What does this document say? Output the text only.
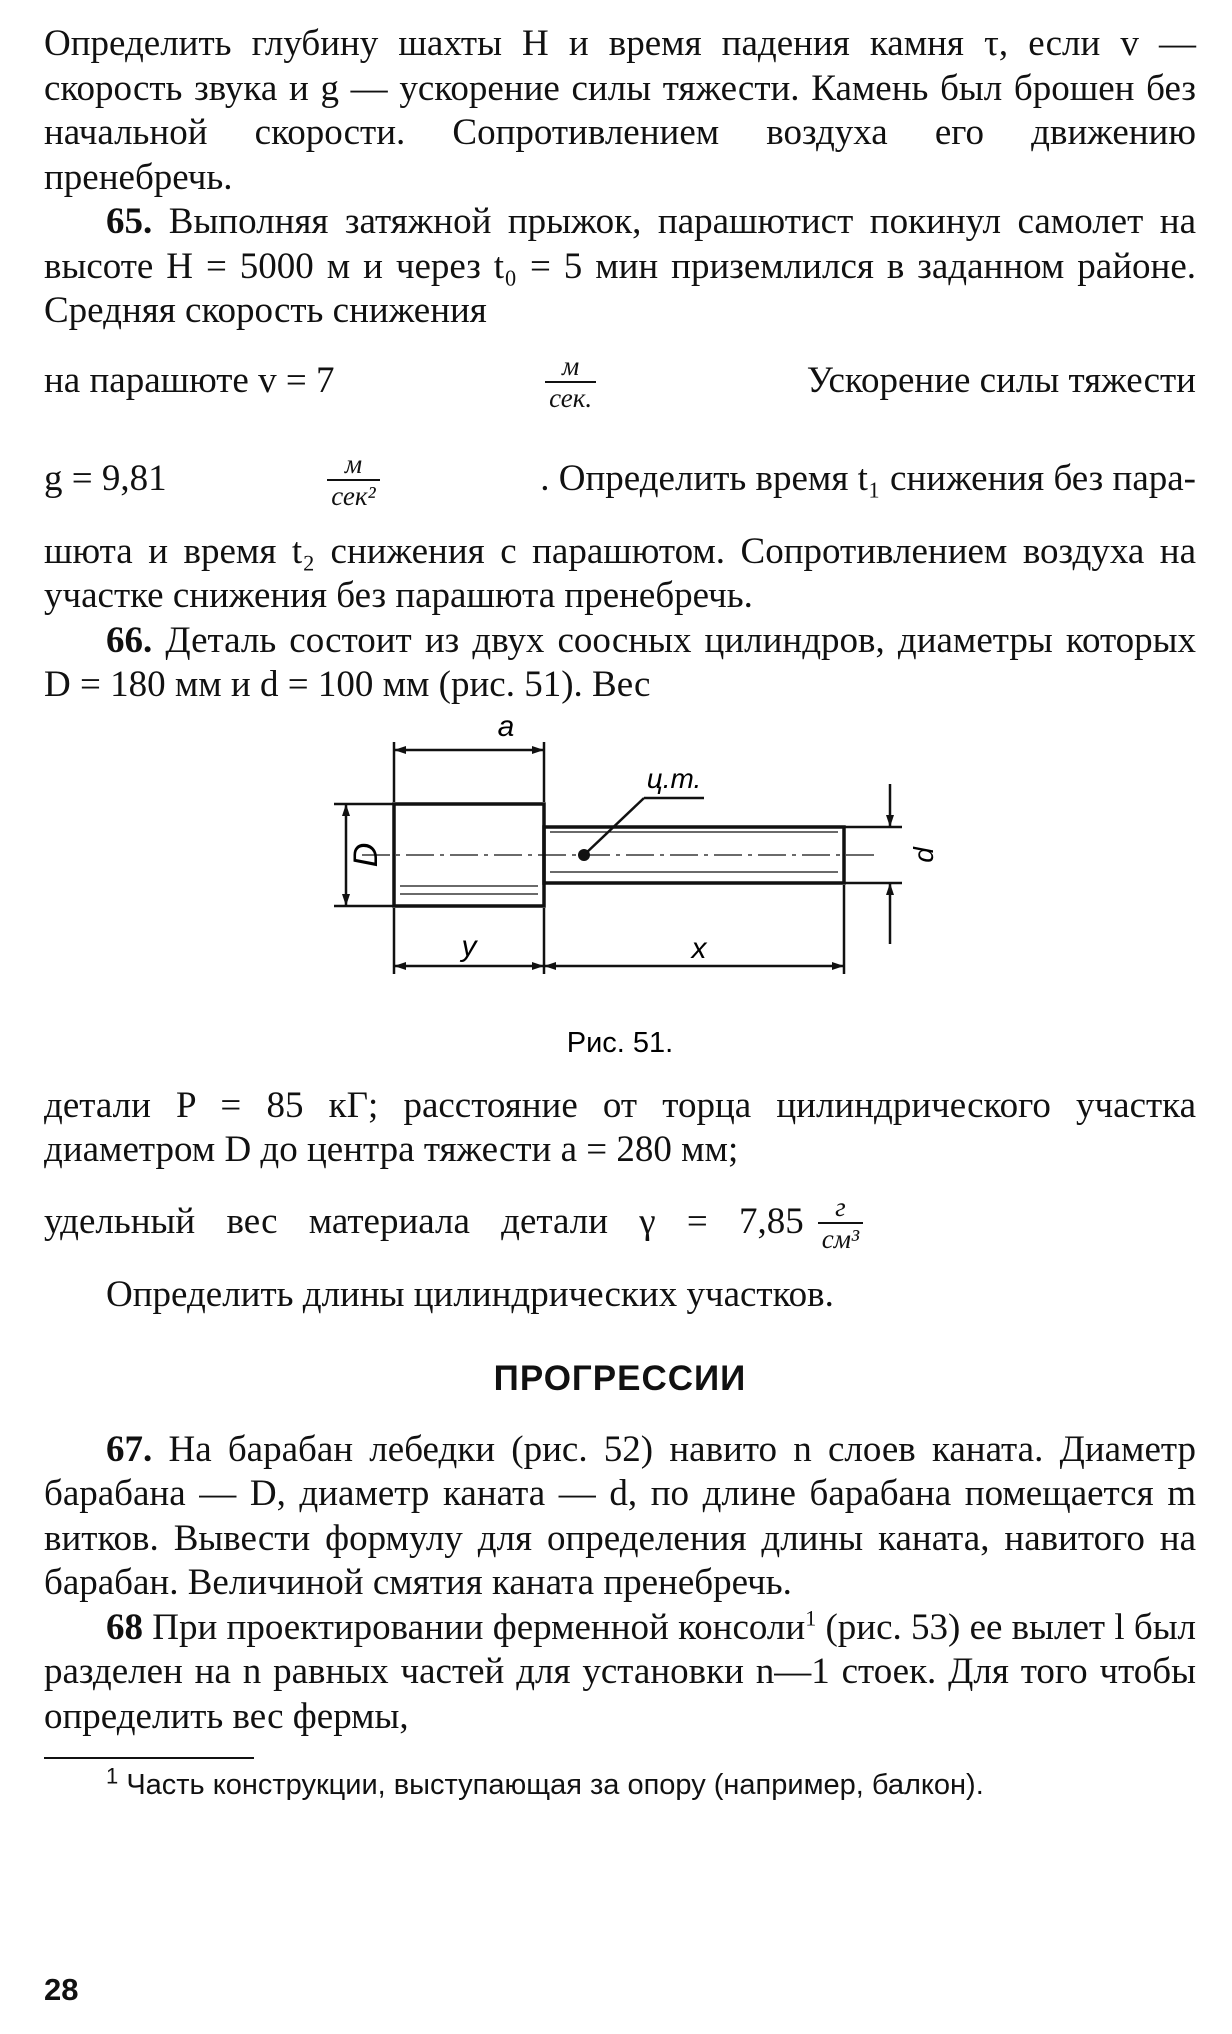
Определить глубину шахты H и время падения камня τ, если v — скорость звука и g — ускорение силы тяжести. Камень был брошен без начальной скорости. Сопротивлением воздуха его движению пренебречь.

65. Выполняя затяжной прыжок, парашютист покинул самолет на высоте H = 5000 м и через t₀ = 5 мин приземлился в заданном районе. Средняя скорость снижения

на парашюте v = 7	$\frac{м}{\text{сек.}}$	Ускорение силы тяжести
g = 9,81	$\frac{м}{\text{сек²}}$	. Определить время t₁ снижения без пара-

шюта и время t₂ снижения с парашютом. Сопротивлением воздуха на участке снижения без парашюта пренебречь.

66. Деталь состоит из двух соосных цилиндров, диаметры которых D = 180 мм и d = 100 мм (рис. 51). Вес

a
ц.т.
D	d
y	x
Рис. 51.

детали P = 85 кГ; расстояние от торца цилиндрического участка диаметром D до центра тяжести a = 280 мм;

удельный вес материала детали $\gamma = 7,85 \frac{г}{\text{см³}}$

Определить длины цилиндрических участков.

ПРОГРЕССИИ

67. На барабан лебедки (рис. 52) навито n слоев каната. Диаметр барабана — D, диаметр каната — d, по длине барабана помещается m витков. Вывести формулу для определения длины каната, навитого на барабан. Величиной смятия каната пренебречь.

68 При проектировании ферменной консоли$^1$ (рис. 53) ее вылет l был разделен на n равных частей для установки n—1 стоек. Для того чтобы определить вес фермы,

$^1$ Часть конструкции, выступающая за опору (например, балкон).

28
